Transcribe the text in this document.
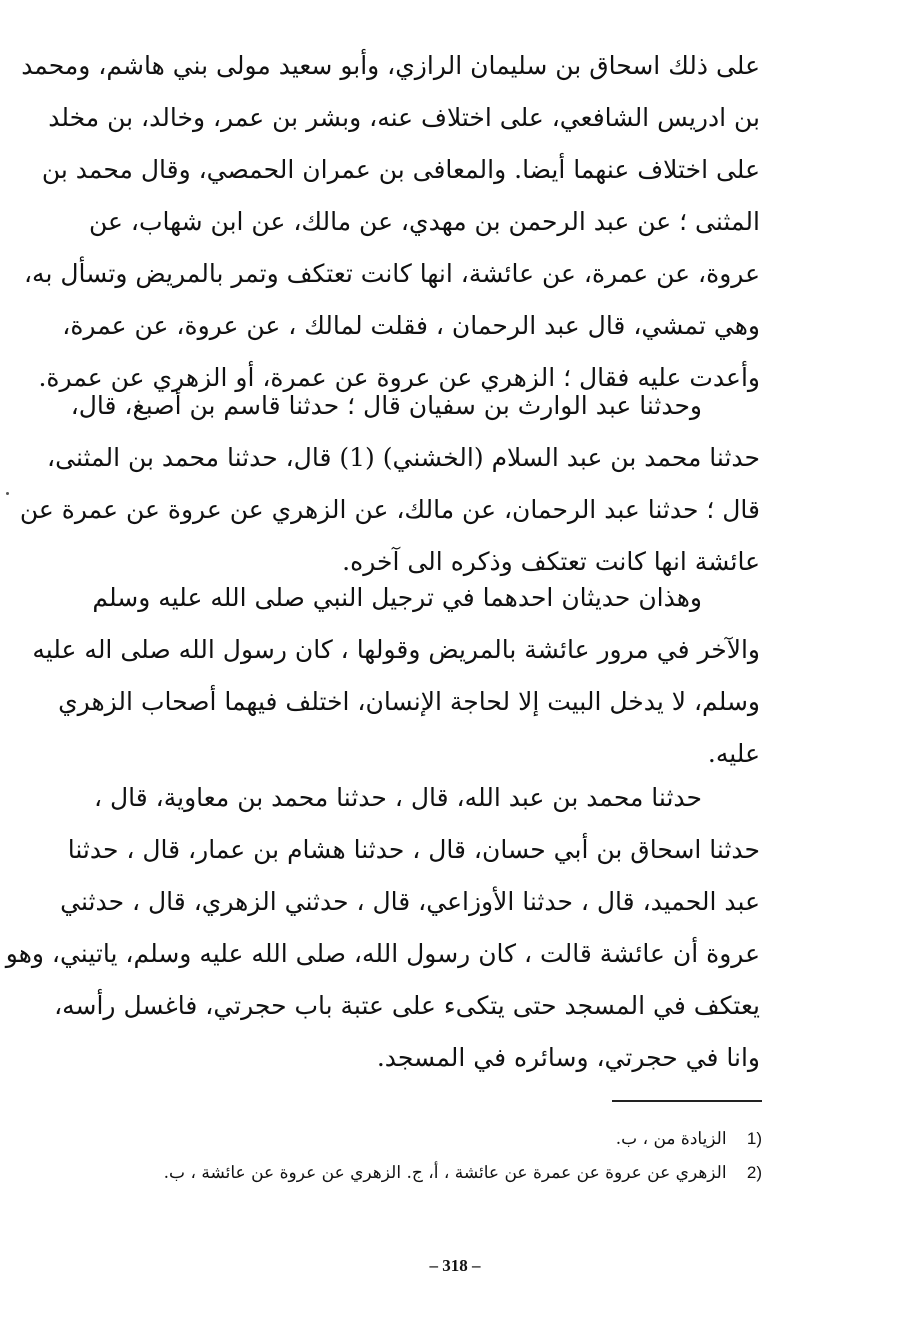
على ذلك اسحاق بن سليمان الرازي، وأبو سعيد مولى بني هاشم، ومحمد
بن ادريس الشافعي، على اختلاف عنه، وبشر بن عمر، وخالد، بن مخلد
على اختلاف عنهما أيضا. والمعافى بن عمران الحمصي، وقال محمد بن
المثنى ؛ عن عبد الرحمن بن مهدي، عن مالك، عن ابن شهاب، عن
عروة، عن عمرة، عن عائشة، انها كانت تعتكف وتمر بالمريض وتسأل به،
وهي تمشي، قال عبد الرحمان ، فقلت لمالك ، عن عروة، عن عمرة،
وأعدت عليه فقال ؛ الزهري عن عروة عن عمرة، أو الزهري عن عمرة.
وحدثنا عبد الوارث بن سفيان قال ؛ حدثنا قاسم بن أصبغ، قال،
حدثنا محمد بن عبد السلام (الخشني) (1) قال، حدثنا محمد بن المثنى،
قال ؛ حدثنا عبد الرحمان، عن مالك، عن الزهري عن عروة عن عمرة عن
عائشة انها كانت تعتكف وذكره الى آخره.
وهذان حديثان احدهما في ترجيل النبي صلى الله عليه وسلم
والآخر في مرور عائشة بالمريض وقولها ، كان رسول الله صلى اله عليه
وسلم، لا يدخل البيت إلا لحاجة الإنسان، اختلف فيهما أصحاب الزهري
عليه.
حدثنا محمد بن عبد الله، قال ، حدثنا محمد بن معاوية، قال ،
حدثنا اسحاق بن أبي حسان، قال ، حدثنا هشام بن عمار، قال ، حدثنا
عبد الحميد، قال ، حدثنا الأوزاعي، قال ، حدثني الزهري، قال ، حدثني
عروة أن عائشة قالت ، كان رسول الله، صلى الله عليه وسلم، ياتيني، وهو
يعتكف في المسجد حتى يتكىء على عتبة باب حجرتي، فاغسل رأسه،
وانا في حجرتي، وسائره في المسجد.
(1 الزيادة من ، ب.
(2 الزهري عن عروة عن عمرة عن عائشة ، أ، ج. الزهري عن عروة عن عائشة ، ب.
– 318 –
